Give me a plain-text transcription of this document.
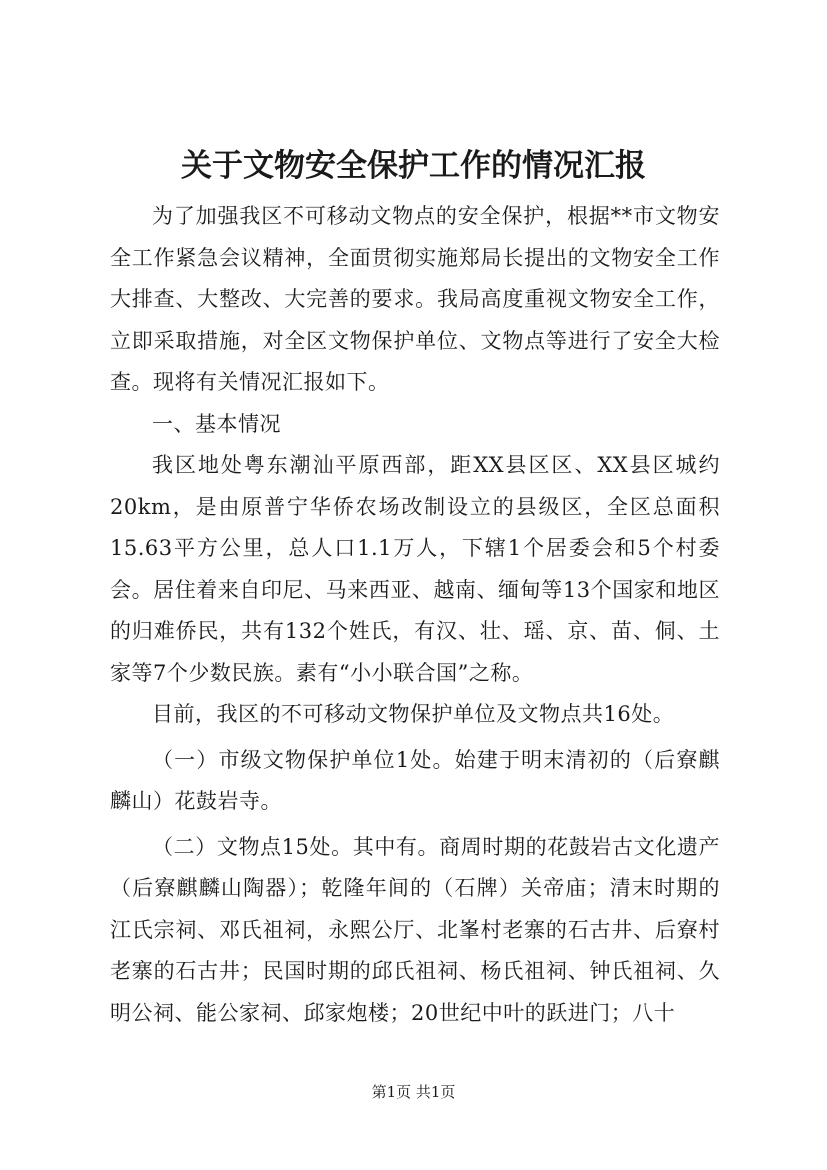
关于文物安全保护工作的情况汇报

为了加强我区不可移动文物点的安全保护，根据**市文物安全工作紧急会议精神，全面贯彻实施郑局长提出的文物安全工作大排查、大整改、大完善的要求。我局高度重视文物安全工作，立即采取措施，对全区文物保护单位、文物点等进行了安全大检查。现将有关情况汇报如下。

一、基本情况

我区地处粤东潮汕平原西部，距XX县区区、XX县区城约20km，是由原普宁华侨农场改制设立的县级区，全区总面积15.63平方公里，总人口1.1万人，下辖1个居委会和5个村委会。居住着来自印尼、马来西亚、越南、缅甸等13个国家和地区的归难侨民，共有132个姓氏，有汉、壮、瑶、京、苗、侗、土家等7个少数民族。素有“小小联合国”之称。

目前，我区的不可移动文物保护单位及文物点共16处。

（一）市级文物保护单位1处。始建于明末清初的（后寮麒麟山）花鼓岩寺。

（二）文物点15处。其中有。商周时期的花鼓岩古文化遗产（后寮麒麟山陶器）；乾隆年间的（石牌）关帝庙；清末时期的江氏宗祠、邓氏祖祠，永熙公厅、北峯村老寨的石古井、后寮村老寨的石古井；民国时期的邱氏祖祠、杨氏祖祠、钟氏祖祠、久明公祠、能公家祠、邱家炮楼；20世纪中叶的跃进门；八十

第1页 共1页
